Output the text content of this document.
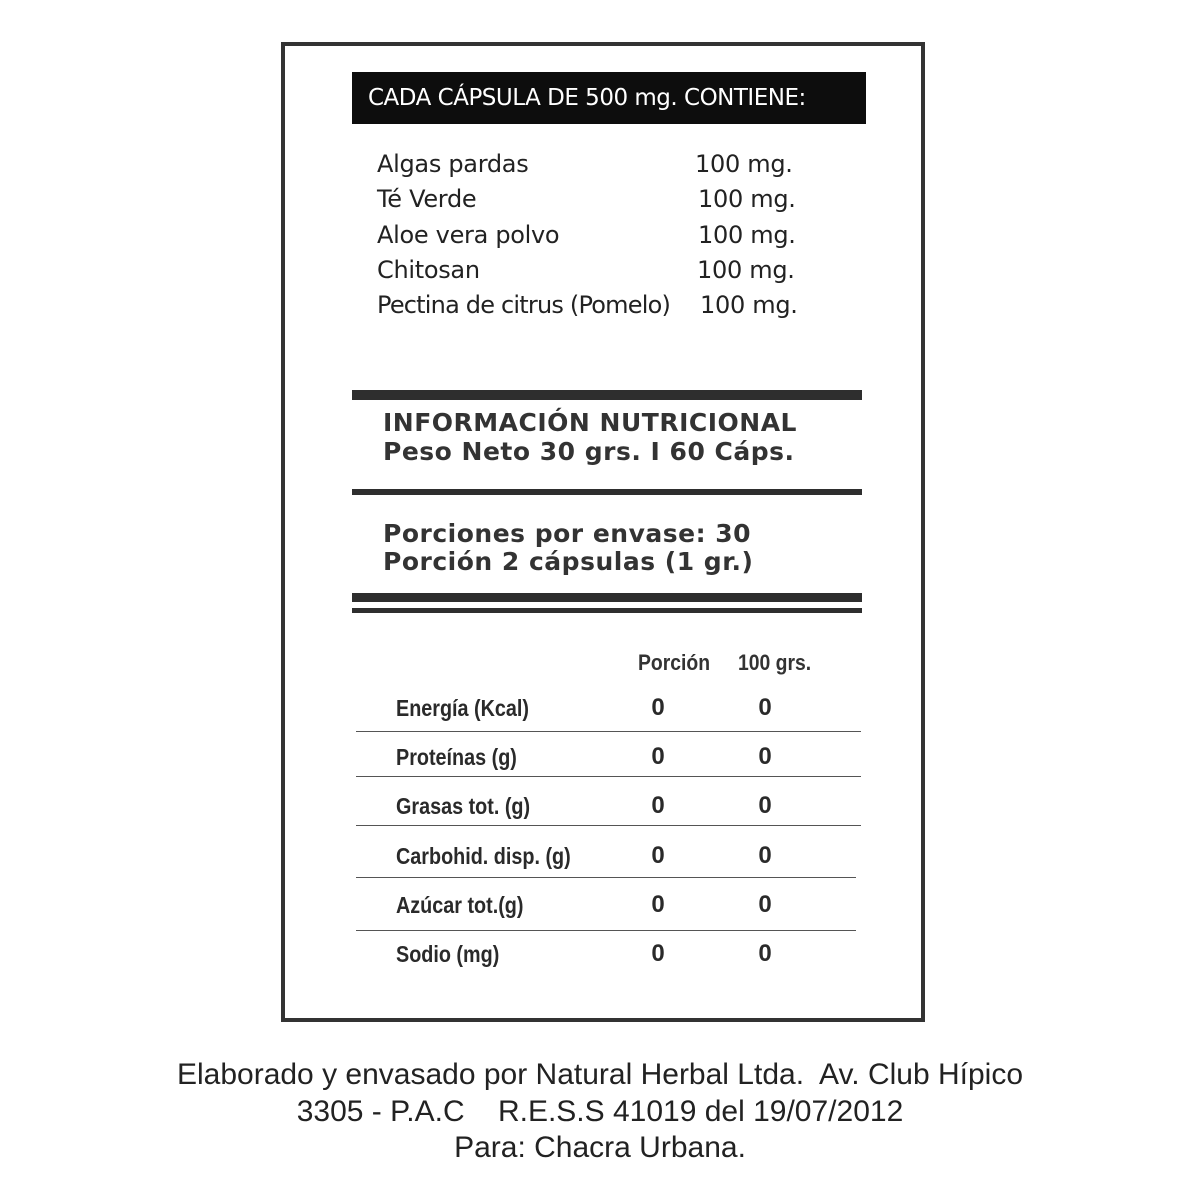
CADA CÁPSULA DE 500 mg. CONTIENE:
Algas pardas	100 mg.
Té Verde	100 mg.
Aloe vera polvo	100 mg.
Chitosan	100 mg.
Pectina de citrus (Pomelo) 100 mg.
INFORMACIÓN NUTRICIONAL
Peso Neto 30 grs. I 60 Cáps.
Porciones por envase: 30
Porción 2 cápsulas (1 gr.)
Porción 100 grs.
Energía (Kcal)	0	0
Proteínas (g)	0	0
Grasas tot. (g)	0	0
Carbohid. disp. (g)	0	0
Azúcar tot.(g)	0	0
Sodio (mg)	0	0
Elaborado y envasado por Natural Herbal Ltda.  Av. Club Hípico
3305 - P.A.C    R.E.S.S 41019 del 19/07/2012
Para: Chacra Urbana.
